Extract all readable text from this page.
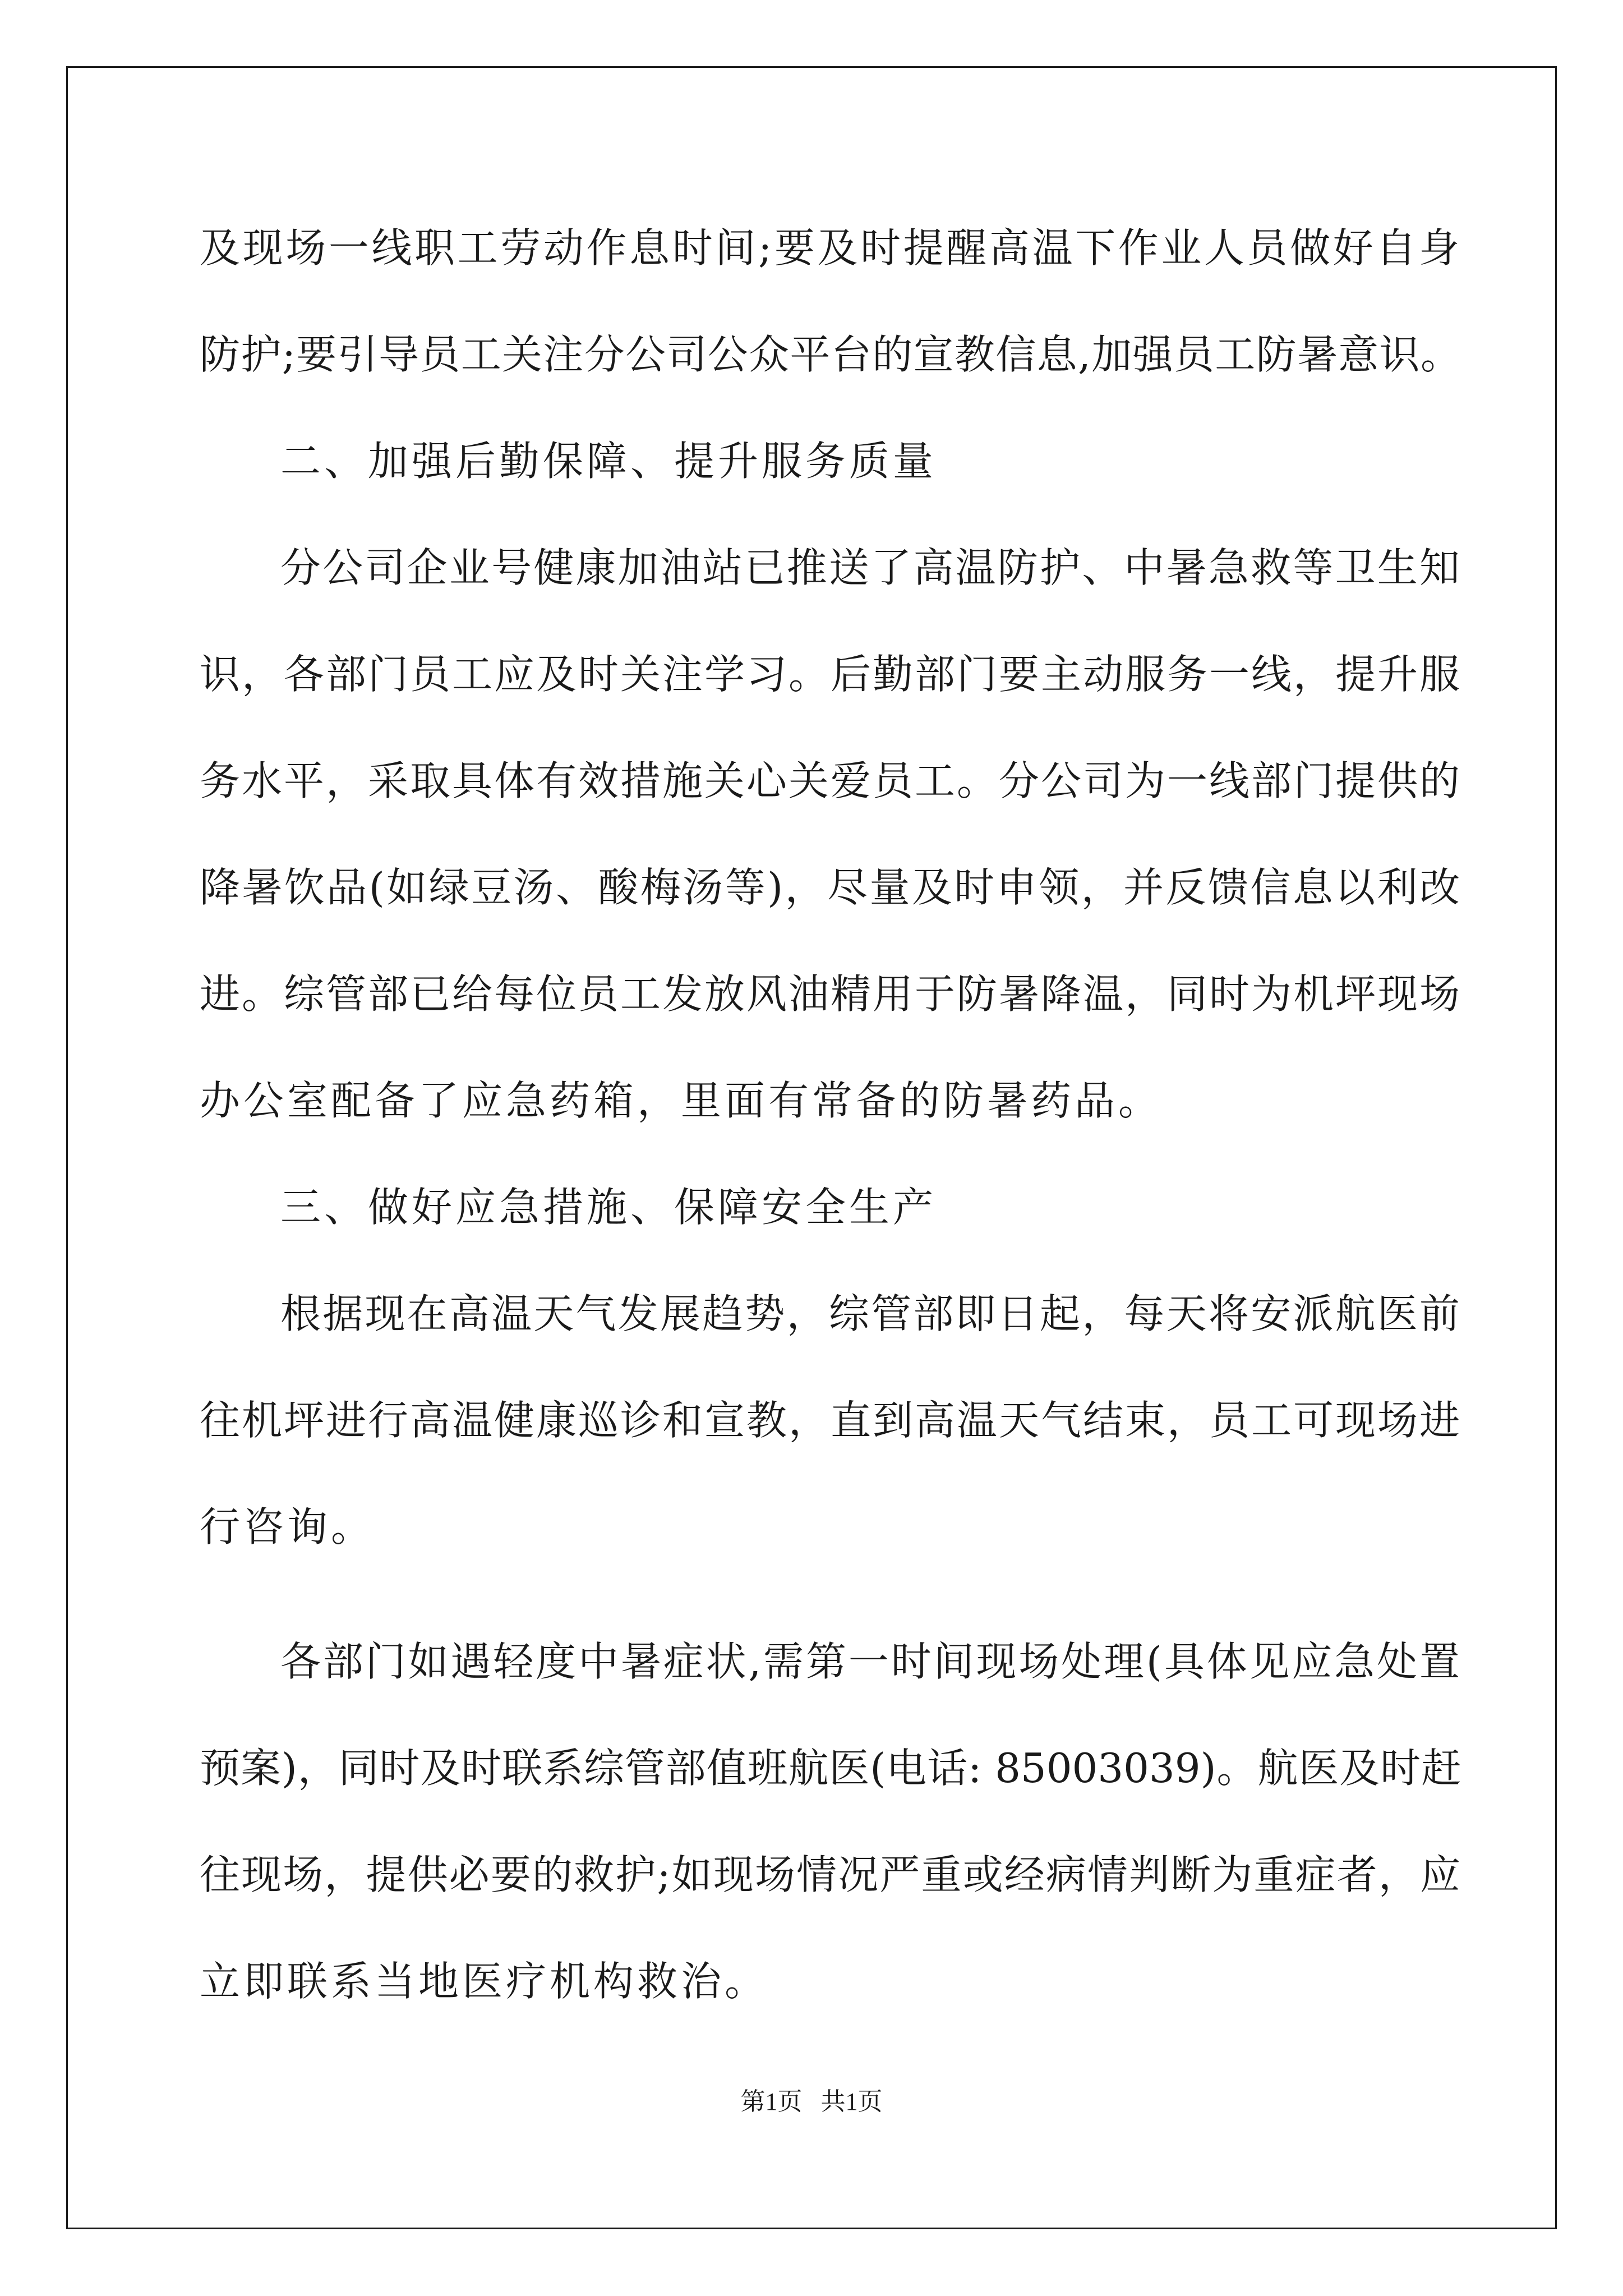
及现场一线职工劳动作息时间;要及时提醒高温下作业人员做好自身

防护;要引导员工关注分公司公众平台的宣教信息,加强员工防暑意识。

二、加强后勤保障、提升服务质量

分公司企业号健康加油站已推送了高温防护、中暑急救等卫生知

识，各部门员工应及时关注学习。后勤部门要主动服务一线，提升服

务水平，采取具体有效措施关心关爱员工。分公司为一线部门提供的

降暑饮品(如绿豆汤、酸梅汤等)，尽量及时申领，并反馈信息以利改

进。综管部已给每位员工发放风油精用于防暑降温，同时为机坪现场

办公室配备了应急药箱，里面有常备的防暑药品。

三、做好应急措施、保障安全生产

根据现在高温天气发展趋势，综管部即日起，每天将安派航医前

往机坪进行高温健康巡诊和宣教，直到高温天气结束，员工可现场进

行咨询。

各部门如遇轻度中暑症状,需第一时间现场处理(具体见应急处置

预案)，同时及时联系综管部值班航医(电话: 85003039)。航医及时赶

往现场，提供必要的救护;如现场情况严重或经病情判断为重症者，应

立即联系当地医疗机构救治。

第1页   共1页
